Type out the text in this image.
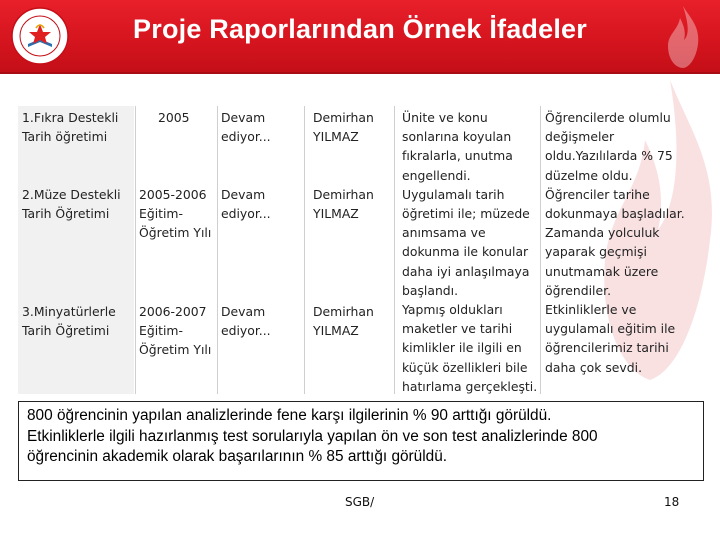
Proje Raporlarından Örnek İfadeler
1.Fıkra Destekli
Tarih öğretimi
2005	Devam
ediyor...
Demirhan
YILMAZ
2.Müze Destekli
Tarih Öğretimi
2005-2006
Eğitim-
Öğretim Yılı
Devam
ediyor...
Demirhan
YILMAZ
3.Minyatürlerle
Tarih Öğretimi
2006-2007
Eğitim-
Öğretim Yılı
Devam
ediyor...
Demirhan
YILMAZ
Ünite ve konu
sonlarına koyulan
fıkralarla, unutma
engellendi.
Uygulamalı tarih
öğretimi ile; müzede
anımsama ve
dokunma ile konular
daha iyi anlaşılmaya
başlandı.
Yapmış oldukları
maketler ve tarihi
kimlikler ile ilgili en
küçük özellikleri bile
hatırlama gerçekleşti.
Öğrencilerde olumlu
değişmeler
oldu.Yazılılarda % 75
düzelme oldu.
Öğrenciler tarihe
dokunmaya başladılar.
Zamanda yolculuk
yaparak geçmişi
unutmamak üzere
öğrendiler.
Etkinliklerle ve
uygulamalı eğitim ile
öğrencilerimiz tarihi
daha çok sevdi.
800 öğrencinin yapılan analizlerinde fene karşı ilgilerinin % 90 arttığı görüldü.
Etkinliklerle ilgili hazırlanmış test sorularıyla yapılan ön ve son test analizlerinde 800
öğrencinin akademik olarak başarılarının % 85 arttığı görüldü.
SGB/	18
